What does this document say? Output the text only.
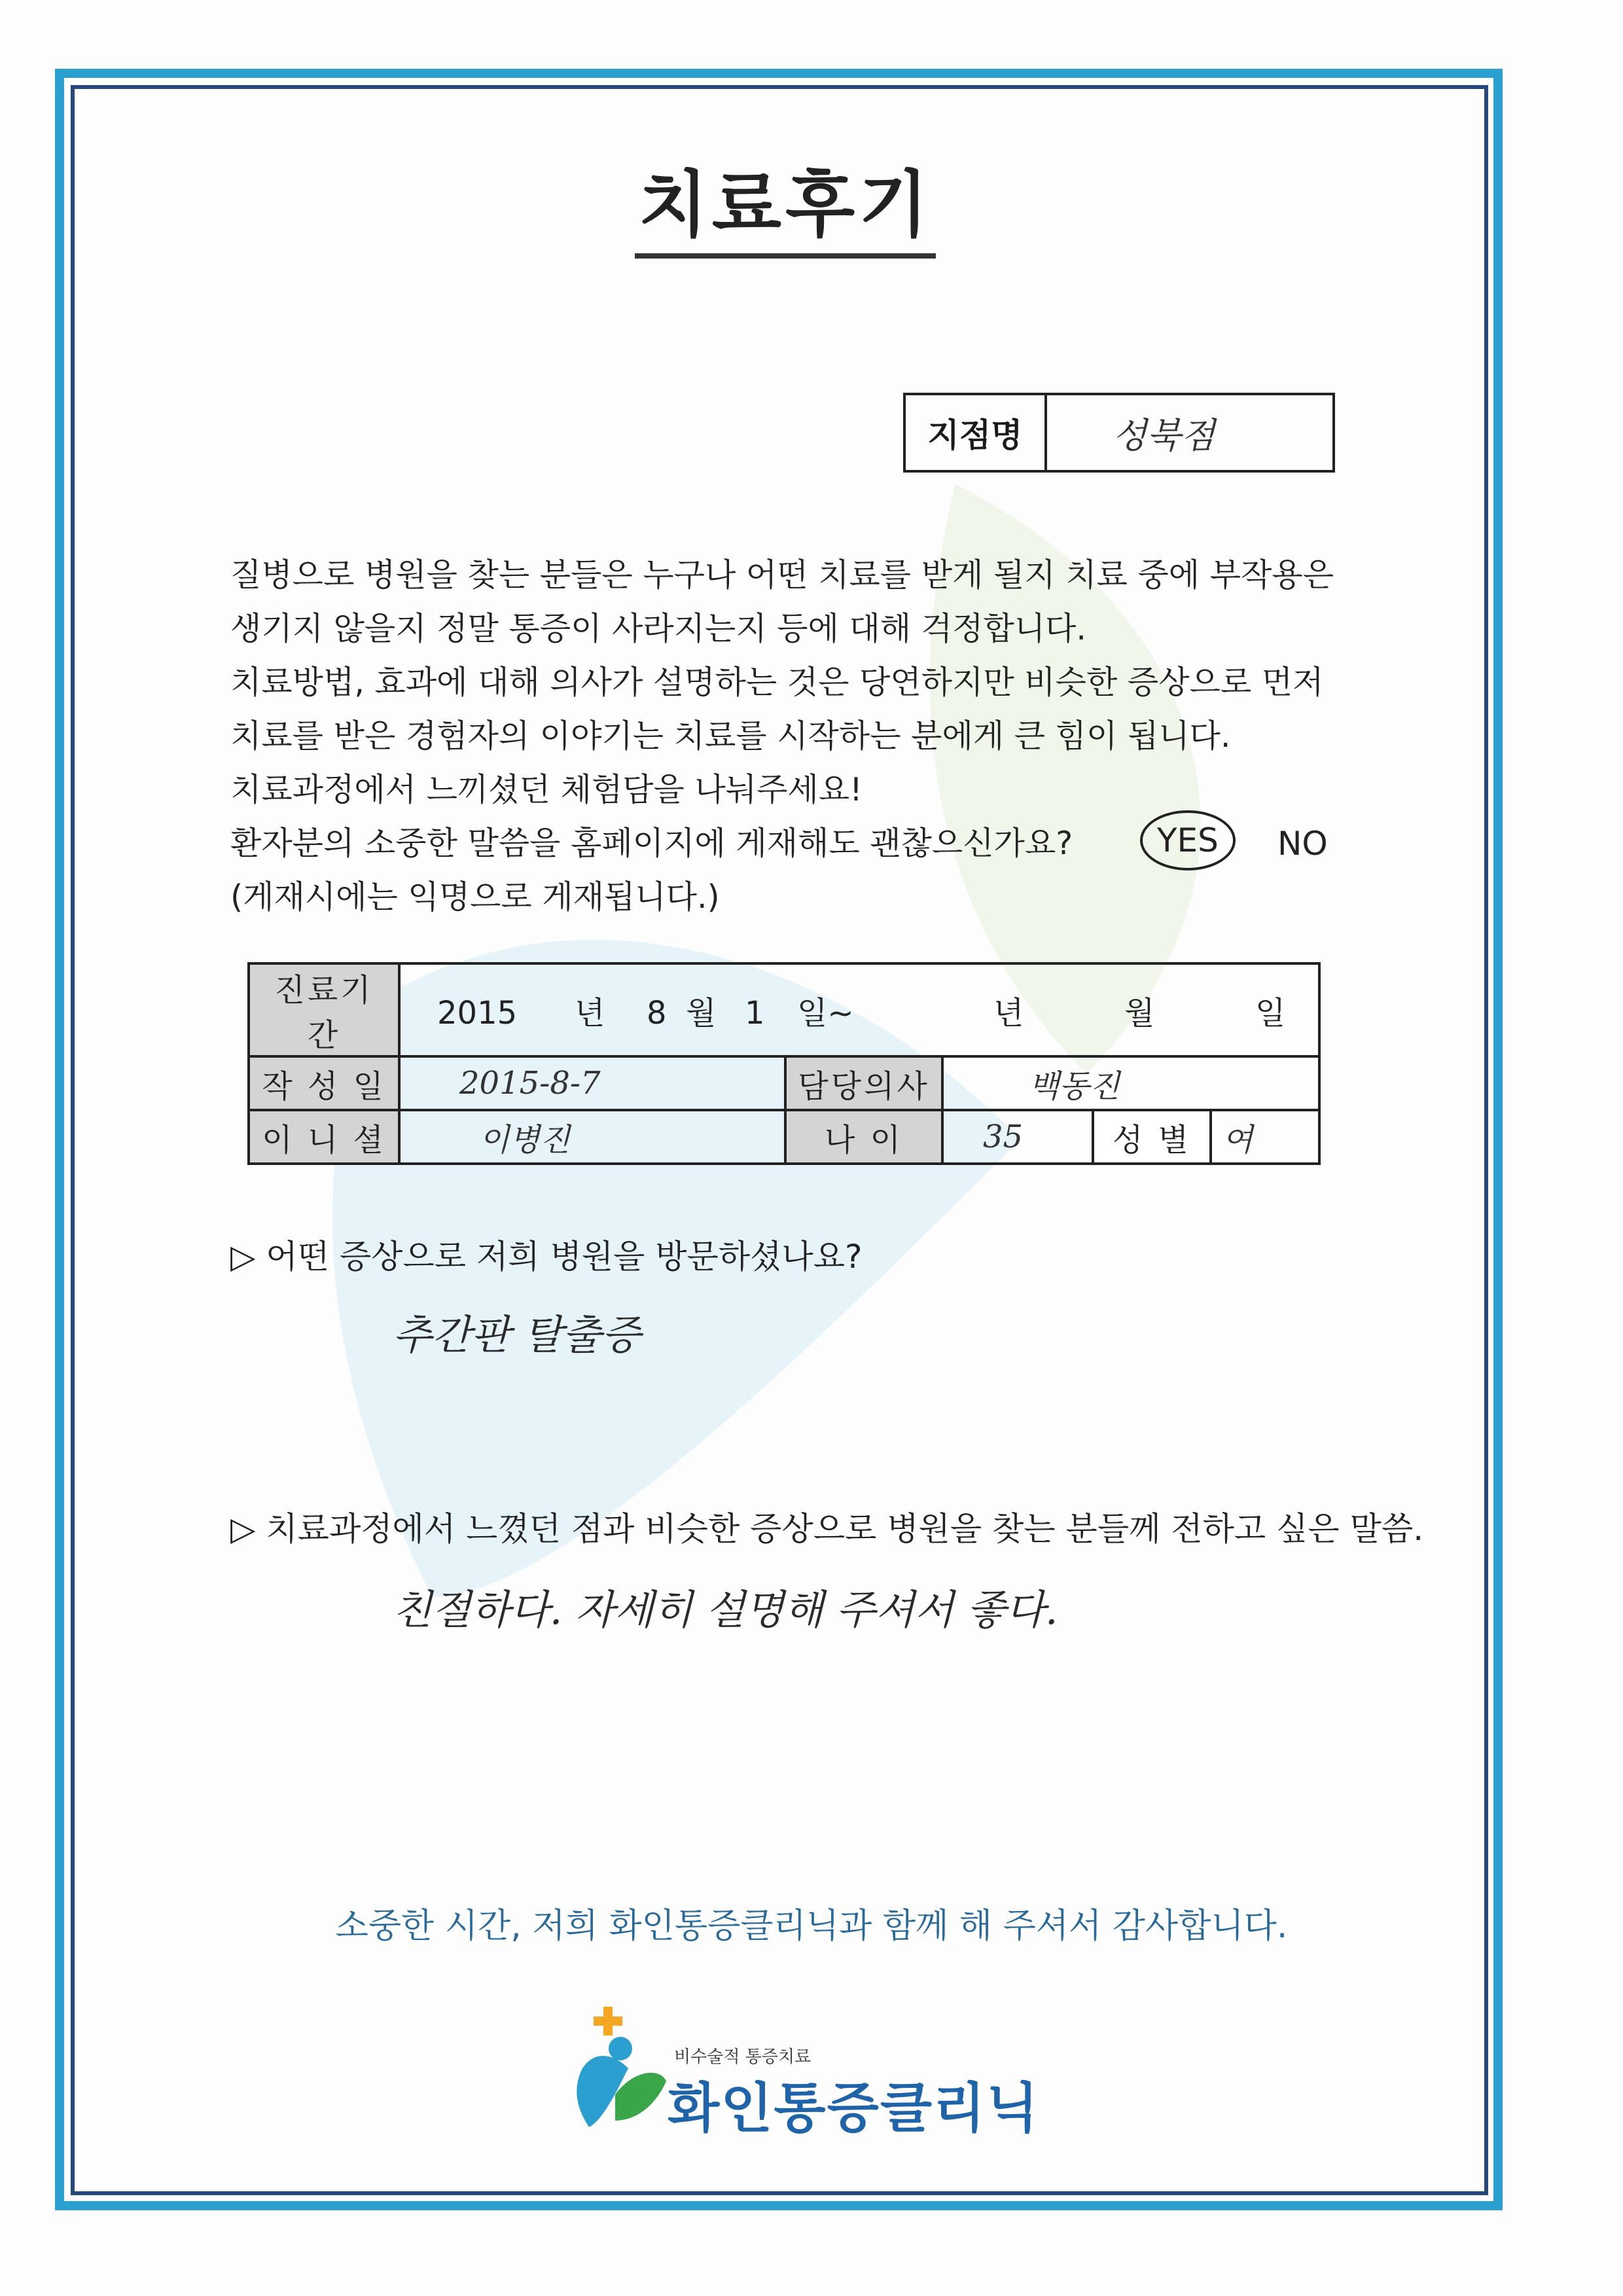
치료후기
지점명	성북점

질병으로 병원을 찾는 분들은 누구나 어떤 치료를 받게 될지 치료 중에 부작용은

생기지 않을지 정말 통증이 사라지는지 등에 대해 걱정합니다.

치료방법, 효과에 대해 의사가 설명하는 것은 당연하지만 비슷한 증상으로 먼저

치료를 받은 경험자의 이야기는 치료를 시작하는 분에게 큰 힘이 됩니다.

치료과정에서 느끼셨던 체험담을 나눠주세요!

환자분의 소중한 말씀을 홈페이지에 게재해도 괜찮으신가요?	YES	NO

(게재시에는 익명으로 게재됩니다.)

진료기간	2015 년 8 월 1 일~ 년 월 일				
작 성 일	2015-8-7	담당의사	백동진		
이 니 셜	이병진	나 이	35	성 별	여
▷ 어떤 증상으로 저희 병원을 방문하셨나요?
추간판 탈출증
▷ 치료과정에서 느꼈던 점과 비슷한 증상으로 병원을 찾는 분들께 전하고 싶은 말씀.
친절하다. 자세히 설명해 주셔서 좋다.
소중한 시간, 저희 화인통증클리닉과 함께 해 주셔서 감사합니다.
비수술적 통증치료
화인통증클리닉
